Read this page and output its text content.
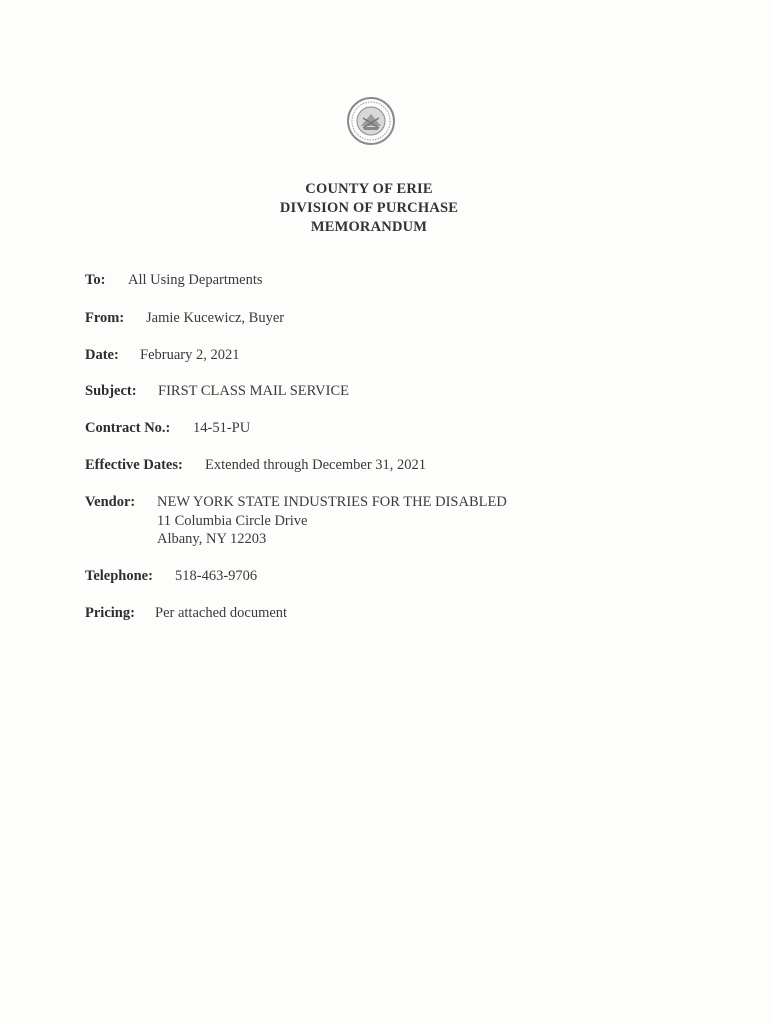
COUNTY OF ERIE
DIVISION OF PURCHASE
MEMORANDUM
To: All Using Departments
From: Jamie Kucewicz, Buyer
Date: February 2, 2021
Subject: FIRST CLASS MAIL SERVICE
Contract No.: 14-51-PU
Effective Dates: Extended through December 31, 2021
Vendor: NEW YORK STATE INDUSTRIES FOR THE DISABLED
11 Columbia Circle Drive
Albany, NY 12203
Telephone: 518-463-9706
Pricing: Per attached document
